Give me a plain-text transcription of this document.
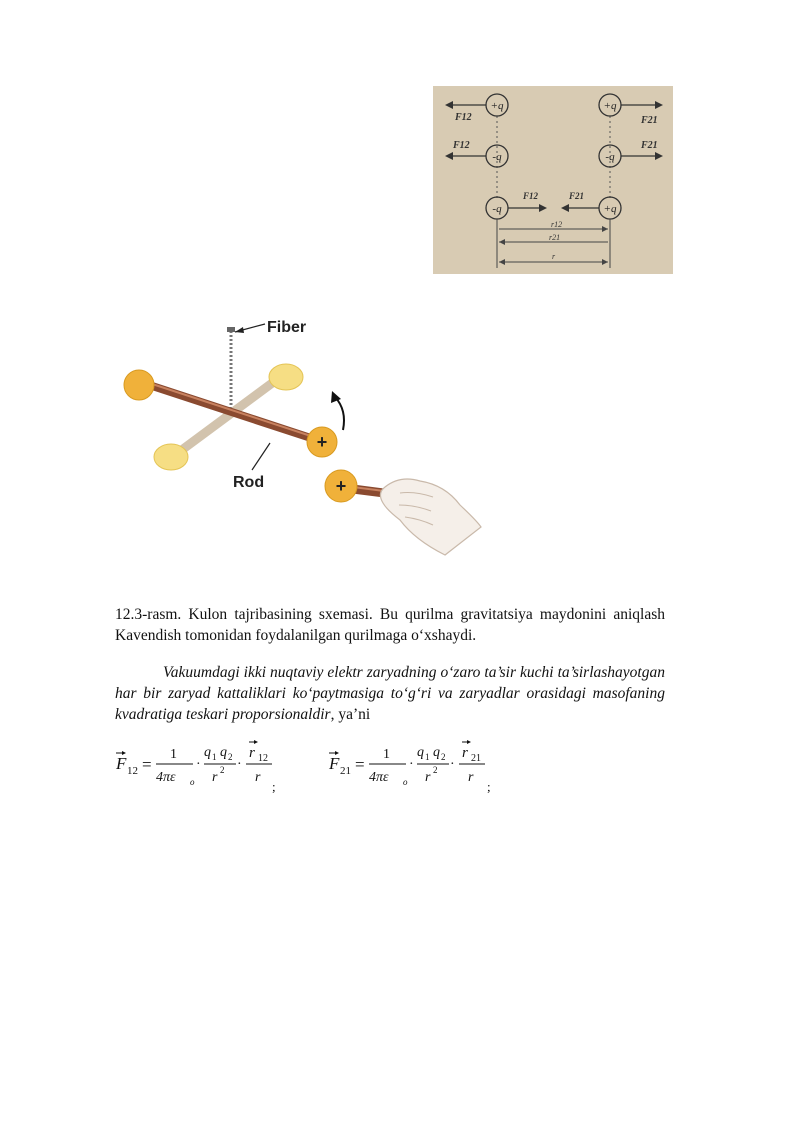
+q	+q
-q	-q
-q	+q
F12	F21
F12	F21
F12	F21
r12
r21
r
Fiber
+
Rod	+
12.3-rasm. Kulon tajribasining sxemasi. Bu qurilma gravitatsiya maydonini aniqlash Kavendish tomonidan foydalanilgan qurilmaga o‘xshaydi.
Vakuumdagi ikki nuqtaviy elektr zaryadning o‘zaro ta’sir kuchi ta’sirlashayotgan har bir zaryad kattaliklari ko‘paytmasiga to‘g‘ri va zaryadlar orasidagi masofaning kvadratiga teskari proporsionaldir, ya’ni
F 12 =
1
4πε o
·
q 1 q 2
r 2 ·
r 12
r
;
F 21 =
1
4πε o
·
q 1 q 2
r 2 ·
r 21
r
;
